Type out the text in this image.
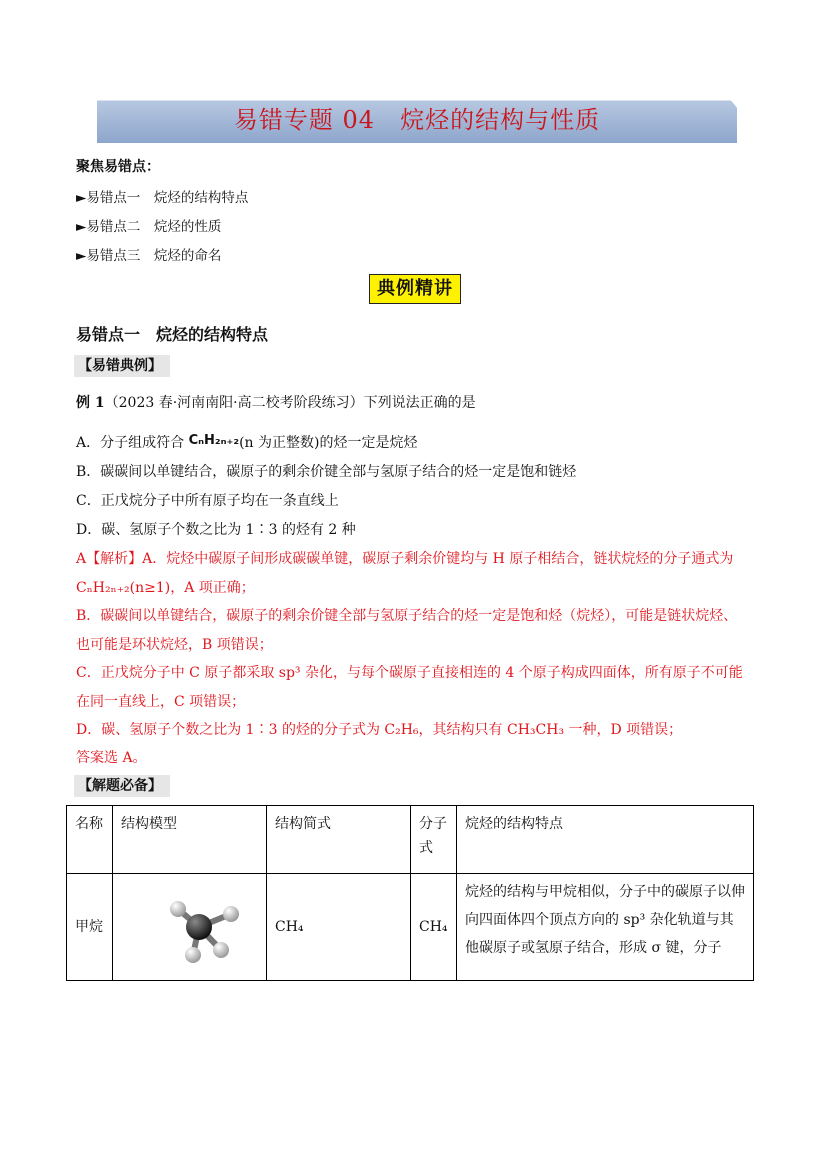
易错专题 04　烷烃的结构与性质
聚焦易错点：
►易错点一　烷烃的结构特点
►易错点二　烷烃的性质
►易错点三　烷烃的命名
典例精讲
易错点一　烷烃的结构特点
【易错典例】
例 1（2023 春·河南南阳·高二校考阶段练习）下列说法正确的是
A．分子组成符合 CₙH₂ₙ₊₂(n 为正整数)的烃一定是烷烃
B．碳碳间以单键结合，碳原子的剩余价键全部与氢原子结合的烃一定是饱和链烃
C．正戊烷分子中所有原子均在一条直线上
D．碳、氢原子个数之比为 1∶3 的烃有 2 种
A【解析】A．烷烃中碳原子间形成碳碳单键，碳原子剩余价键均与 H 原子相结合，链状烷烃的分子通式为
CₙH₂ₙ₊₂(n≥1)，A 项正确；
B．碳碳间以单键结合，碳原子的剩余价键全部与氢原子结合的烃一定是饱和烃（烷烃），可能是链状烷烃、
也可能是环状烷烃，B 项错误；
C．正戊烷分子中 C 原子都采取 sp³ 杂化，与每个碳原子直接相连的 4 个原子构成四面体，所有原子不可能
在同一直线上，C 项错误；
D．碳、氢原子个数之比为 1∶3 的烃的分子式为 C₂H₆，其结构只有 CH₃CH₃ 一种，D 项错误；
答案选 A。
【解题必备】
名称	结构模型	结构简式	分子式	烷烃的结构特点
甲烷		CH₄	CH₄	烷烃的结构与甲烷相似，分子中的碳原子以伸向四面体四个顶点方向的 sp³ 杂化轨道与其他碳原子或氢原子结合，形成 σ 键，分子
